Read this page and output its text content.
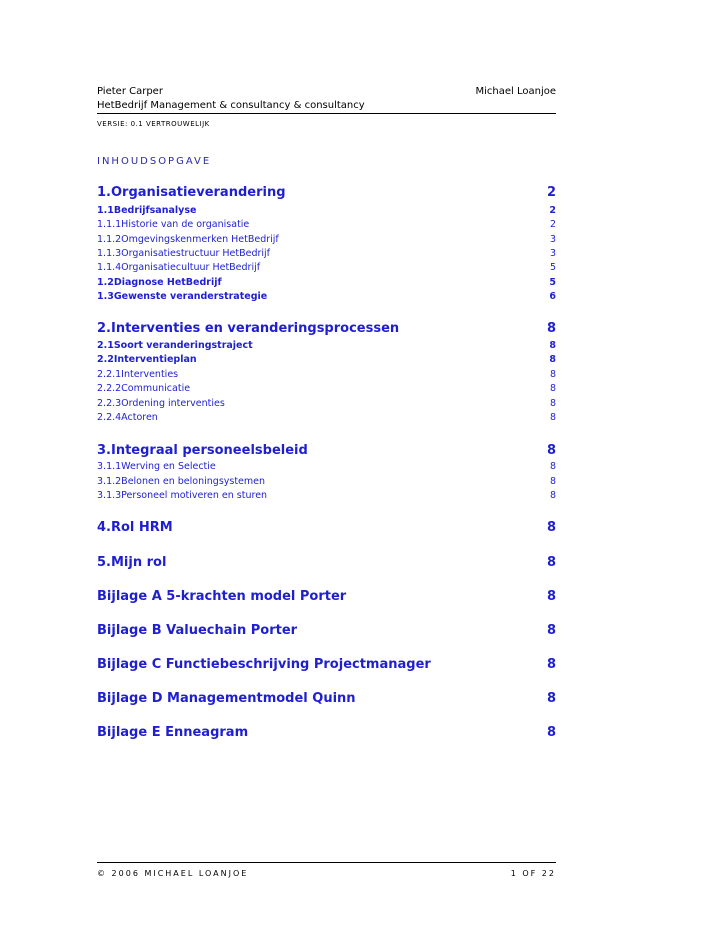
Pieter Carper	Michael Loanjoe
HetBedrijf Management & consultancy & consultancy
VERSIE: 0.1 VERTROUWELIJK
INHOUDSOPGAVE
1.Organisatieverandering	2
1.1Bedrijfsanalyse	2
1.1.1Historie van de organisatie	2
1.1.2Omgevingskenmerken HetBedrijf	3
1.1.3Organisatiestructuur HetBedrijf	3
1.1.4Organisatiecultuur HetBedrijf	5
1.2Diagnose HetBedrijf	5
1.3Gewenste veranderstrategie	6
2.Interventies en veranderingsprocessen	8
2.1Soort veranderingstraject	8
2.2Interventieplan	8
2.2.1Interventies	8
2.2.2Communicatie	8
2.2.3Ordening interventies	8
2.2.4Actoren	8
3.Integraal personeelsbeleid	8
3.1.1Werving en Selectie	8
3.1.2Belonen en beloningsystemen	8
3.1.3Personeel motiveren en sturen	8
4.Rol HRM	8
5.Mijn rol	8
Bijlage A 5-krachten model Porter	8
Bijlage B Valuechain Porter	8
Bijlage C Functiebeschrijving Projectmanager	8
Bijlage D Managementmodel Quinn	8
Bijlage E Enneagram	8
© 2006 MICHAEL LOANJOE	1 OF 22
